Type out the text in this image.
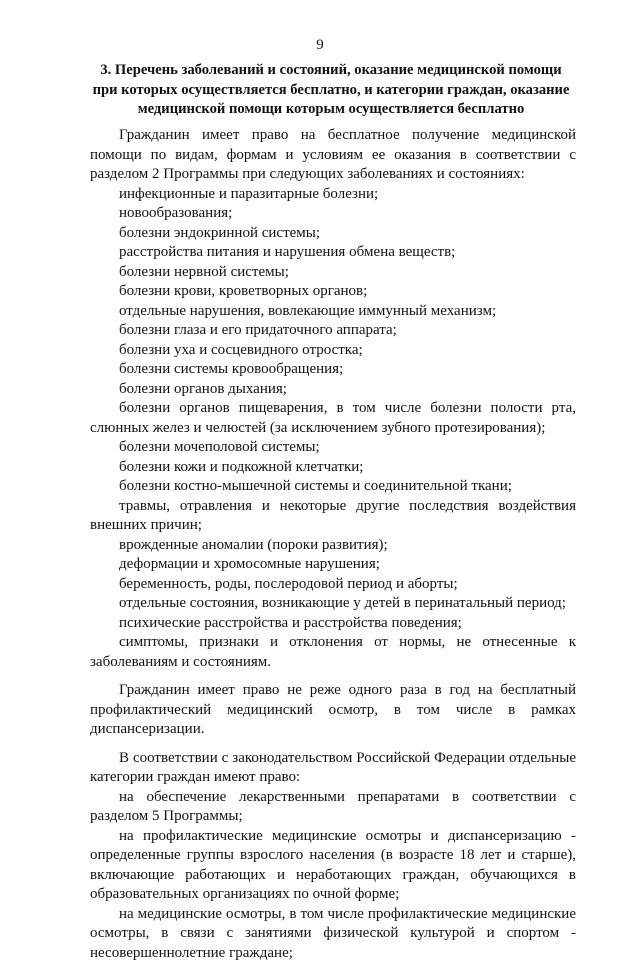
9
3. Перечень заболеваний и состояний, оказание медицинской помощи при которых осуществляется бесплатно, и категории граждан, оказание медицинской помощи которым осуществляется бесплатно

Гражданин имеет право на бесплатное получение медицинской помощи по видам, формам и условиям ее оказания в соответствии с разделом 2 Программы при следующих заболеваниях и состояниях:

инфекционные и паразитарные болезни;

новообразования;

болезни эндокринной системы;

расстройства питания и нарушения обмена веществ;

болезни нервной системы;

болезни крови, кроветворных органов;

отдельные нарушения, вовлекающие иммунный механизм;

болезни глаза и его придаточного аппарата;

болезни уха и сосцевидного отростка;

болезни системы кровообращения;

болезни органов дыхания;

болезни органов пищеварения, в том числе болезни полости рта, слюнных желез и челюстей (за исключением зубного протезирования);

болезни мочеполовой системы;

болезни кожи и подкожной клетчатки;

болезни костно-мышечной системы и соединительной ткани;

травмы, отравления и некоторые другие последствия воздействия внешних причин;

врожденные аномалии (пороки развития);

деформации и хромосомные нарушения;

беременность, роды, послеродовой период и аборты;

отдельные состояния, возникающие у детей в перинатальный период;

психические расстройства и расстройства поведения;

симптомы, признаки и отклонения от нормы, не отнесенные к заболеваниям и состояниям.

Гражданин имеет право не реже одного раза в год на бесплатный профилактический медицинский осмотр, в том числе в рамках диспансеризации.

В соответствии с законодательством Российской Федерации отдельные категории граждан имеют право:

на обеспечение лекарственными препаратами в соответствии с разделом 5 Программы;

на профилактические медицинские осмотры и диспансеризацию - определенные группы взрослого населения (в возрасте 18 лет и старше), включающие работающих и неработающих граждан, обучающихся в образовательных организациях по очной форме;

на медицинские осмотры, в том числе профилактические медицинские осмотры, в связи с занятиями физической культурой и спортом - несовершеннолетние граждане;
